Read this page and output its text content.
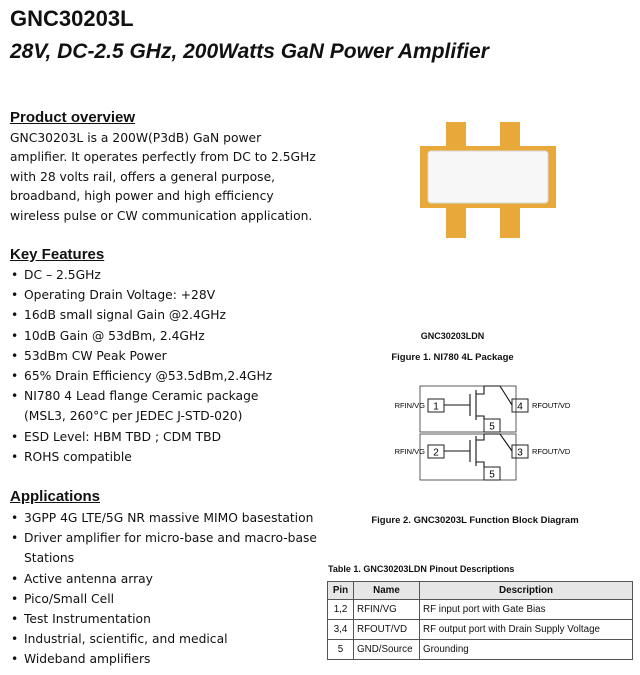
GNC30203L
28V, DC-2.5 GHz, 200Watts GaN Power Amplifier
Product overview
GNC30203L is a 200W(P3dB) GaN power amplifier. It operates perfectly from DC to 2.5GHz with 28 volts rail, offers a general purpose, broadband, high power and high efficiency wireless pulse or CW communication application.
Key Features
• DC – 2.5GHz
• Operating Drain Voltage: +28V
• 16dB small signal Gain @2.4GHz
• 10dB Gain @ 53dBm, 2.4GHz
• 53dBm CW Peak Power
• 65% Drain Efficiency @53.5dBm,2.4GHz
• NI780 4 Lead flange Ceramic package
(MSL3, 260°C per JEDEC J-STD-020)
• ESD Level: HBM TBD ; CDM TBD
• ROHS compatible
Applications
• 3GPP 4G LTE/5G NR massive MIMO basestation
• Driver amplifier for micro-base and macro-base
Stations
• Active antenna array
• Pico/Small Cell
• Test Instrumentation
• Industrial, scientific, and medical
• Wideband amplifiers
GNC30203LDN
Figure 1. NI780 4L Package
1
2
4
3
5
5
RFIN/VG
RFIN/VG
RFOUT/VD
RFOUT/VD
Figure 2. GNC30203L Function Block Diagram
Table 1. GNC30203LDN Pinout Descriptions
Pin	Name	Description
1,2	RFIN/VG	RF input port with Gate Bias
3,4	RFOUT/VD	RF output port with Drain Supply Voltage
5	GND/Source	Grounding
